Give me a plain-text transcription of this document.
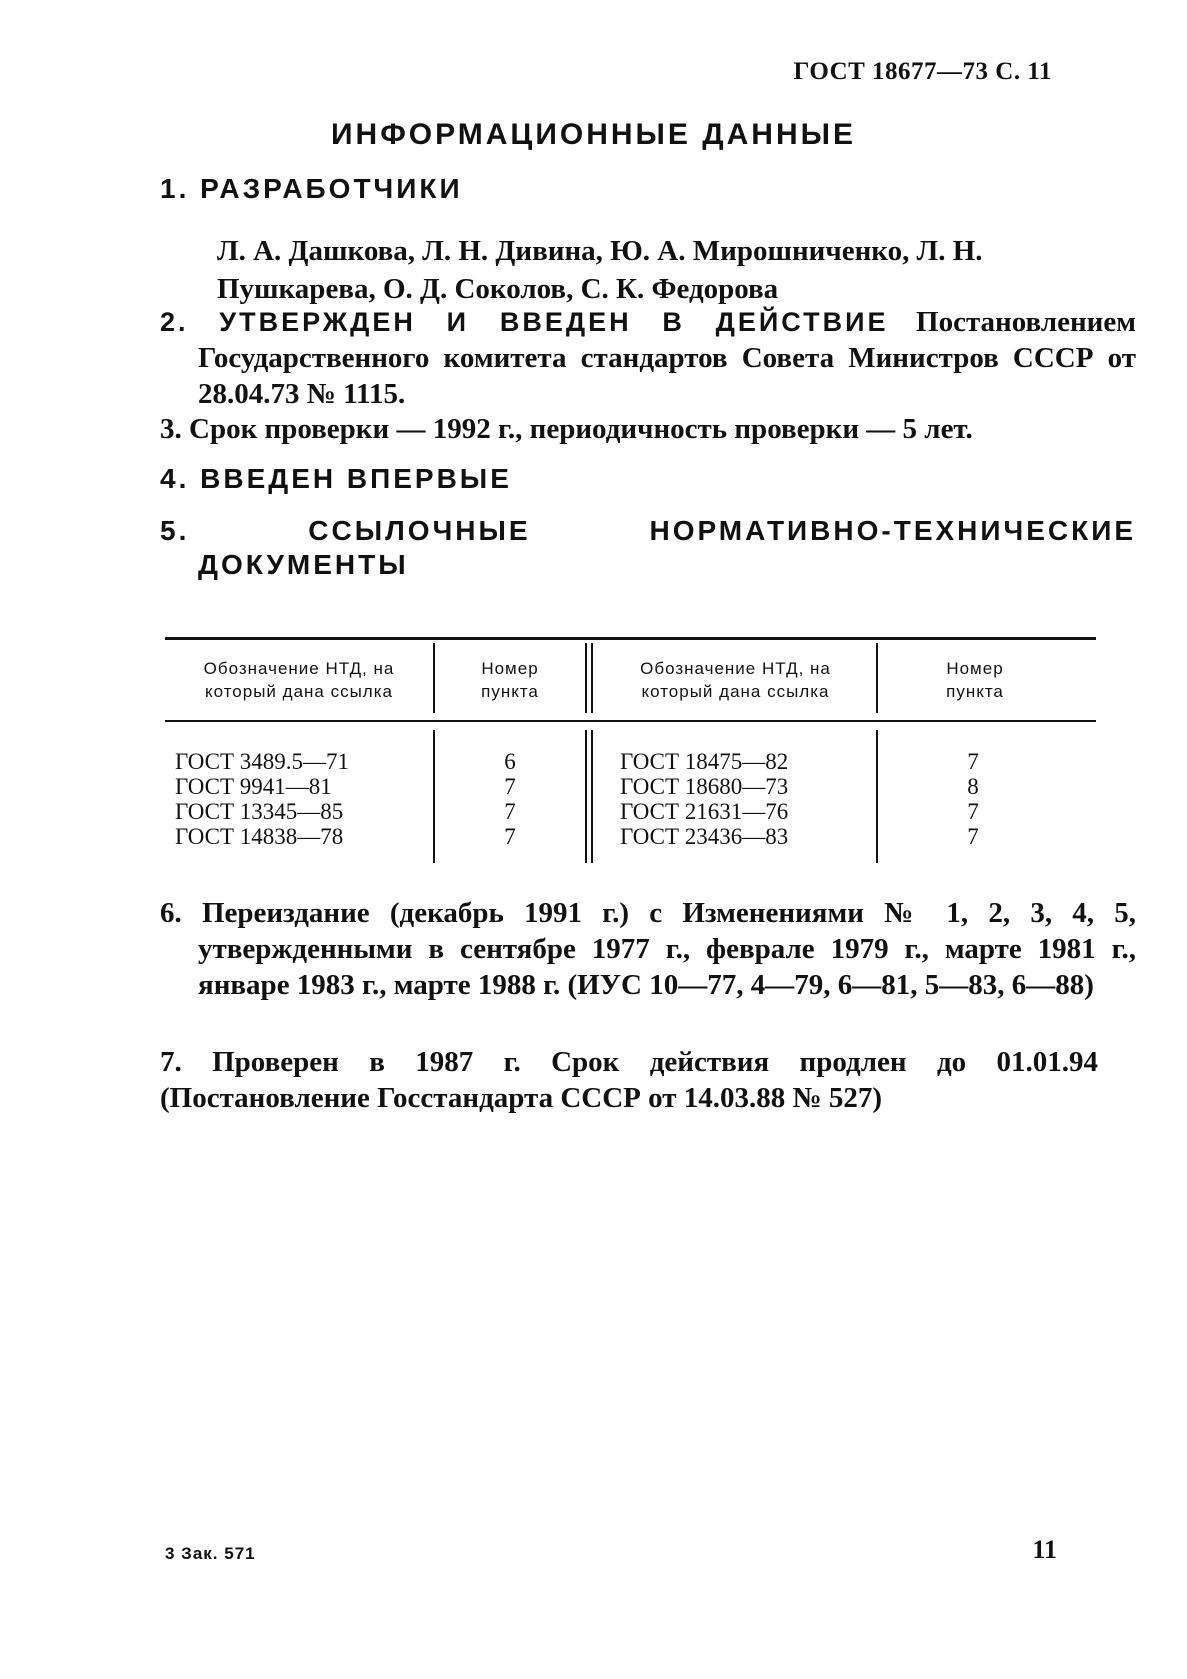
ГОСТ 18677—73 С. 11
ИНФОРМАЦИОННЫЕ ДАННЫЕ
1. РАЗРАБОТЧИКИ
Л. А. Дашкова, Л. Н. Дивина, Ю. А. Мирошниченко, Л. Н. Пушкарева, О. Д. Соколов, С. К. Федорова
2. УТВЕРЖДЕН И ВВЕДЕН В ДЕЙСТВИЕ Постановлением Государственного комитета стандартов Совета Министров СССР от 28.04.73 № 1115.
3. Срок проверки — 1992 г., периодичность проверки — 5 лет.
4. ВВЕДЕН ВПЕРВЫЕ
5. ССЫЛОЧНЫЕ НОРМАТИВНО-ТЕХНИЧЕСКИЕ ДОКУМЕНТЫ
Обозначение НТД, на который дана ссылка
Номер пункта
Обозначение НТД, на который дана ссылка
Номер пункта
ГОСТ 3489.5—71
ГОСТ 9941—81
ГОСТ 13345—85
ГОСТ 14838—78
6
7
7
7
ГОСТ 18475—82
ГОСТ 18680—73
ГОСТ 21631—76
ГОСТ 23436—83
7
8
7
7
6. Переиздание (декабрь 1991 г.) с Изменениями № 1, 2, 3, 4, 5, утвержденными в сентябре 1977 г., феврале 1979 г., марте 1981 г., январе 1983 г., марте 1988 г. (ИУС 10—77, 4—79, 6—81, 5—83, 6—88)
7. Проверен в 1987 г. Срок действия продлен до 01.01.94 (Постановление Госстандарта СССР от 14.03.88 № 527)
3 Зак. 571	11
